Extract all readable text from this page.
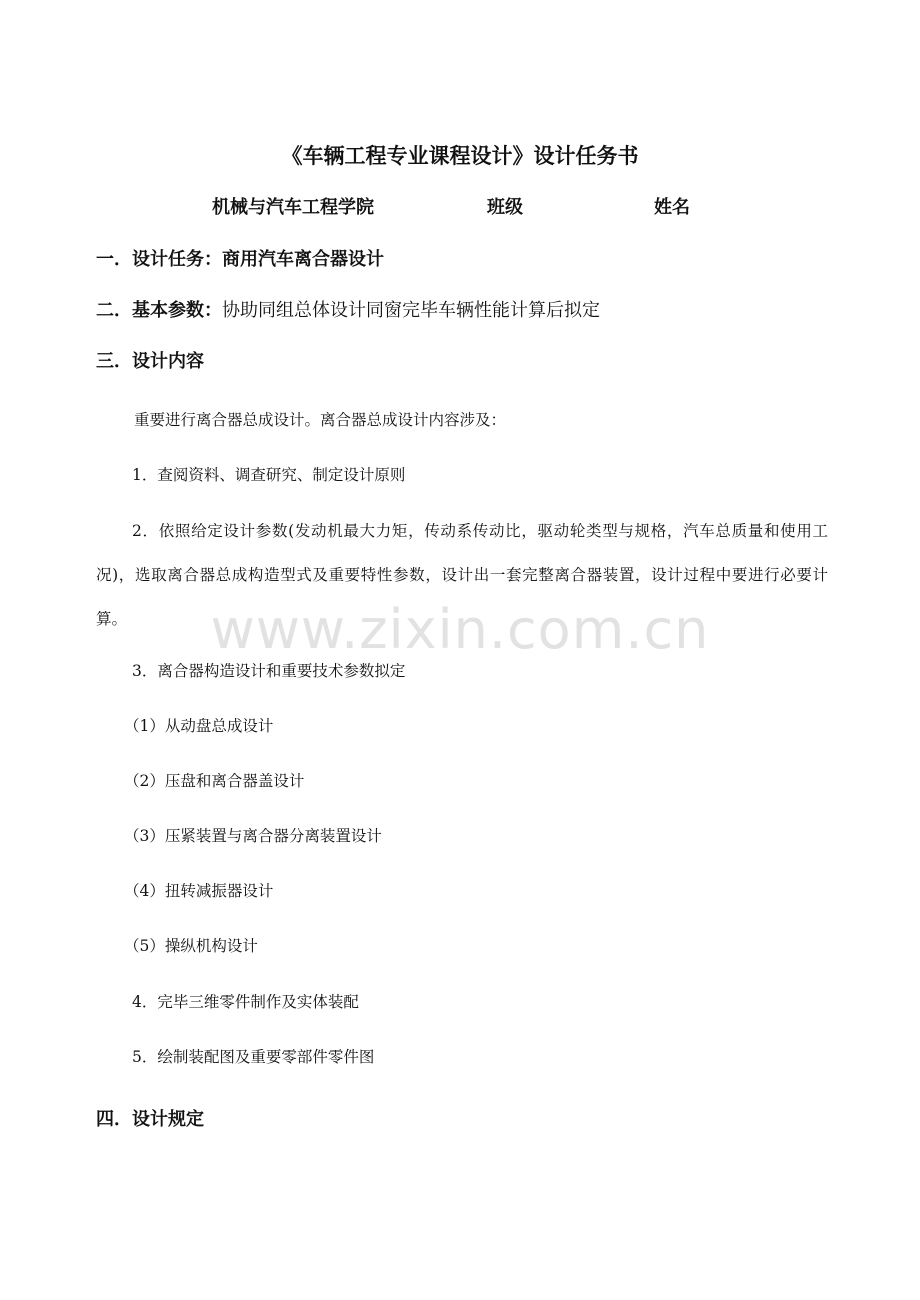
www.zixin.com.cn
《车辆工程专业课程设计》设计任务书
机械与汽车工程学院	班级	姓名
一．设计任务：商用汽车离合器设计
二．基本参数：协助同组总体设计同窗完毕车辆性能计算后拟定
三．设计内容
重要进行离合器总成设计。离合器总成设计内容涉及：
1．查阅资料、调查研究、制定设计原则
2．依照给定设计参数(发动机最大力矩，传动系传动比，驱动轮类型与规格，汽车总质量和使用工况)，选取离合器总成构造型式及重要特性参数，设计出一套完整离合器装置，设计过程中要进行必要计算。
3．离合器构造设计和重要技术参数拟定
（1）从动盘总成设计
（2）压盘和离合器盖设计
（3）压紧装置与离合器分离装置设计
（4）扭转减振器设计
（5）操纵机构设计
4．完毕三维零件制作及实体装配
5．绘制装配图及重要零部件零件图
四．设计规定
